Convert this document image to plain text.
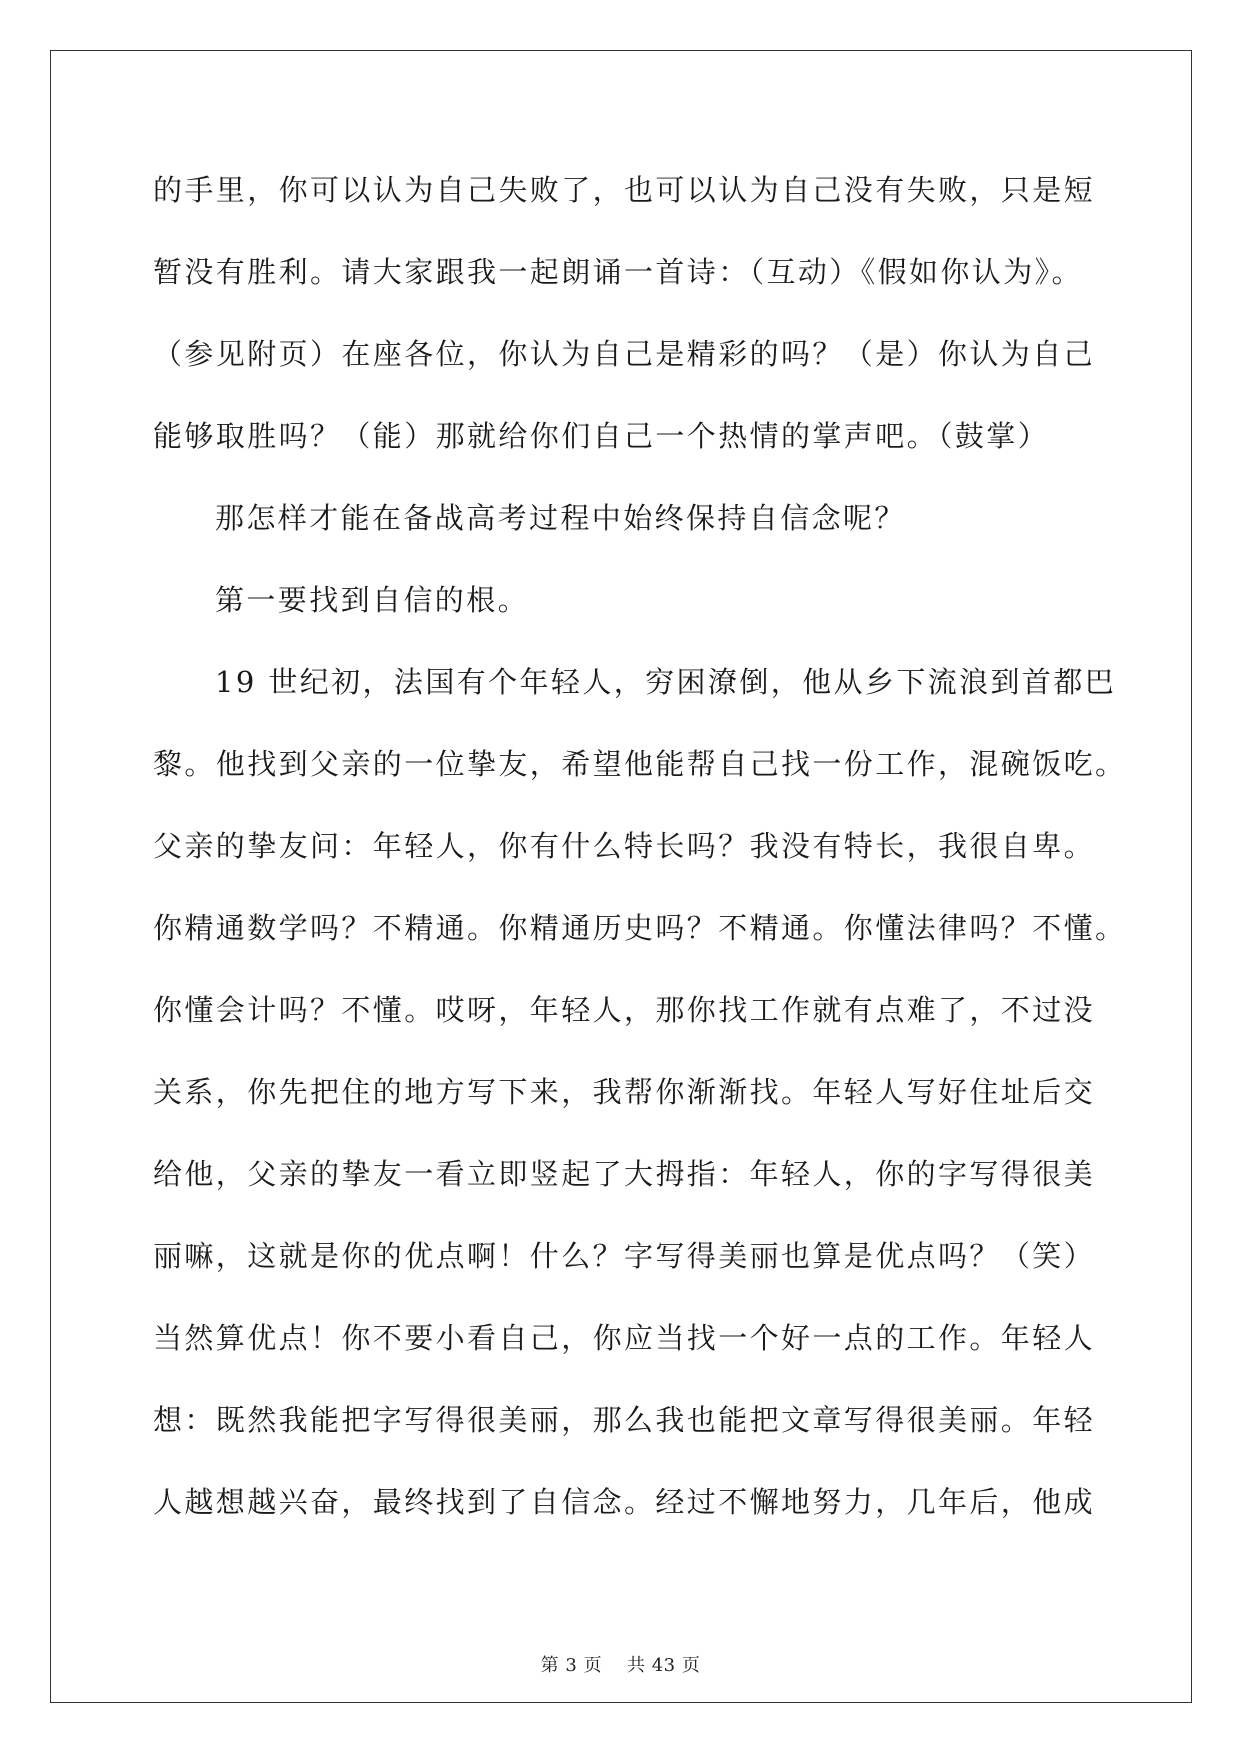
的手里，你可以认为自己失败了，也可以认为自己没有失败，只是短
暂没有胜利。请大家跟我一起朗诵一首诗：（互动）《假如你认为》。
（参见附页）在座各位，你认为自己是精彩的吗？（是）你认为自己
能够取胜吗？（能）那就给你们自己一个热情的掌声吧。（鼓掌）
那怎样才能在备战高考过程中始终保持自信念呢？
第一要找到自信的根。
19 世纪初，法国有个年轻人，穷困潦倒，他从乡下流浪到首都巴
黎。他找到父亲的一位挚友，希望他能帮自己找一份工作，混碗饭吃。
父亲的挚友问：年轻人，你有什么特长吗？我没有特长，我很自卑。
你精通数学吗？不精通。你精通历史吗？不精通。你懂法律吗？不懂。
你懂会计吗？不懂。哎呀，年轻人，那你找工作就有点难了，不过没
关系，你先把住的地方写下来，我帮你渐渐找。年轻人写好住址后交
给他，父亲的挚友一看立即竖起了大拇指：年轻人，你的字写得很美
丽嘛，这就是你的优点啊！什么？字写得美丽也算是优点吗？（笑）
当然算优点！你不要小看自己，你应当找一个好一点的工作。年轻人
想：既然我能把字写得很美丽，那么我也能把文章写得很美丽。年轻
人越想越兴奋，最终找到了自信念。经过不懈地努力，几年后，他成
第 3 页 共 43 页
